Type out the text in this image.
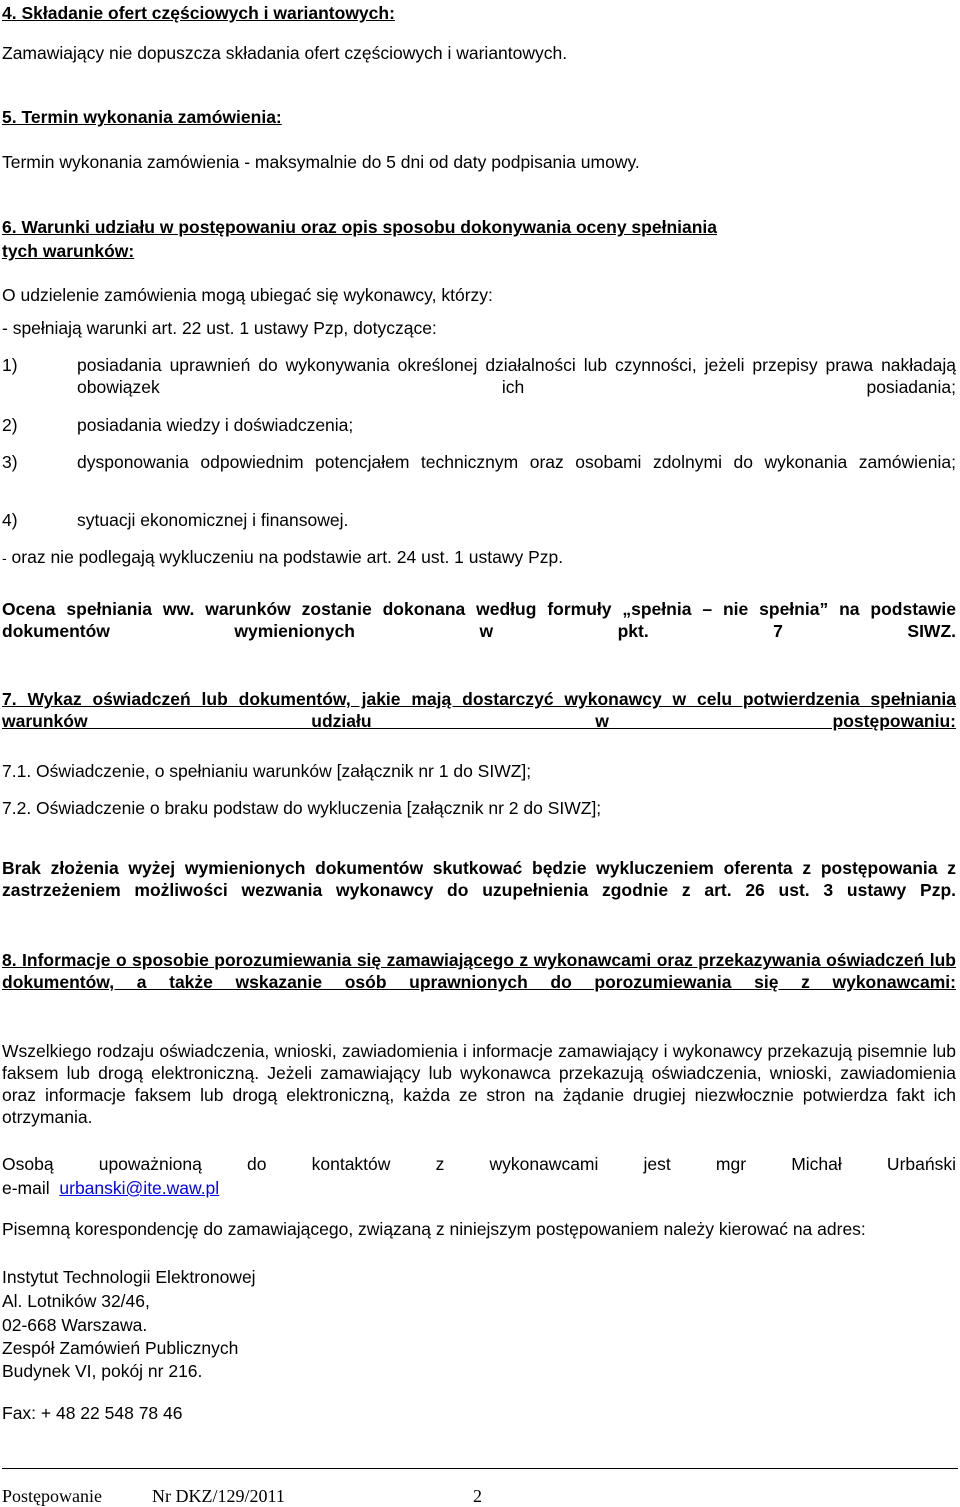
4. Składanie ofert częściowych i wariantowych:

Zamawiający nie dopuszcza składania ofert częściowych i wariantowych.

5. Termin wykonania zamówienia:

Termin wykonania zamówienia - maksymalnie do 5 dni od daty podpisania umowy.

6. Warunki udziału w postępowaniu oraz opis sposobu dokonywania oceny spełniania

tych warunków:

O udzielenie zamówienia mogą ubiegać się wykonawcy, którzy:

- spełniają warunki art. 22 ust. 1 ustawy Pzp, dotyczące:

1)	posiadania uprawnień do wykonywania określonej działalności lub czynności, jeżeli przepisy prawa nakładają obowiązek ich posiadania;
2)	posiadania wiedzy i doświadczenia;
3)	dysponowania odpowiednim potencjałem technicznym oraz osobami zdolnymi do wykonania zamówienia;
4)	sytuacji ekonomicznej i finansowej.

- oraz nie podlegają wykluczeniu na podstawie art. 24 ust. 1 ustawy Pzp.

Ocena spełniania ww. warunków zostanie dokonana według formuły „spełnia – nie spełnia” na podstawie dokumentów wymienionych w pkt. 7 SIWZ.

7. Wykaz oświadczeń lub dokumentów, jakie mają dostarczyć wykonawcy w celu potwierdzenia spełniania warunków udziału w postępowaniu:

7.1. Oświadczenie, o spełnianiu warunków [załącznik nr 1 do SIWZ];

7.2. Oświadczenie o braku podstaw do wykluczenia [załącznik nr 2 do SIWZ];

Brak złożenia wyżej wymienionych dokumentów skutkować będzie wykluczeniem oferenta z postępowania z zastrzeżeniem możliwości wezwania wykonawcy do uzupełnienia zgodnie z art. 26 ust. 3 ustawy Pzp.

8. Informacje o sposobie porozumiewania się zamawiającego z wykonawcami oraz przekazywania oświadczeń lub dokumentów, a także wskazanie osób uprawnionych do porozumiewania się z wykonawcami:

Wszelkiego rodzaju oświadczenia, wnioski, zawiadomienia i informacje zamawiający i wykonawcy przekazują pisemnie lub faksem lub drogą elektroniczną. Jeżeli zamawiający lub wykonawca przekazują oświadczenia, wnioski, zawiadomienia oraz informacje faksem lub drogą elektroniczną, każda ze stron na żądanie drugiej niezwłocznie potwierdza fakt ich otrzymania.

Osobą upoważnioną do kontaktów z wykonawcami jest mgr Michał Urbański

e-mail urbanski@ite.waw.pl

Pisemną korespondencję do zamawiającego, związaną z niniejszym postępowaniem należy kierować na adres:

Instytut Technologii Elektronowej

Al. Lotników 32/46,

02-668 Warszawa.

Zespół Zamówień Publicznych

Budynek VI, pokój nr 216.

Fax: + 48 22 548 78 46

Postępowanie	Nr DKZ/129/2011	2
